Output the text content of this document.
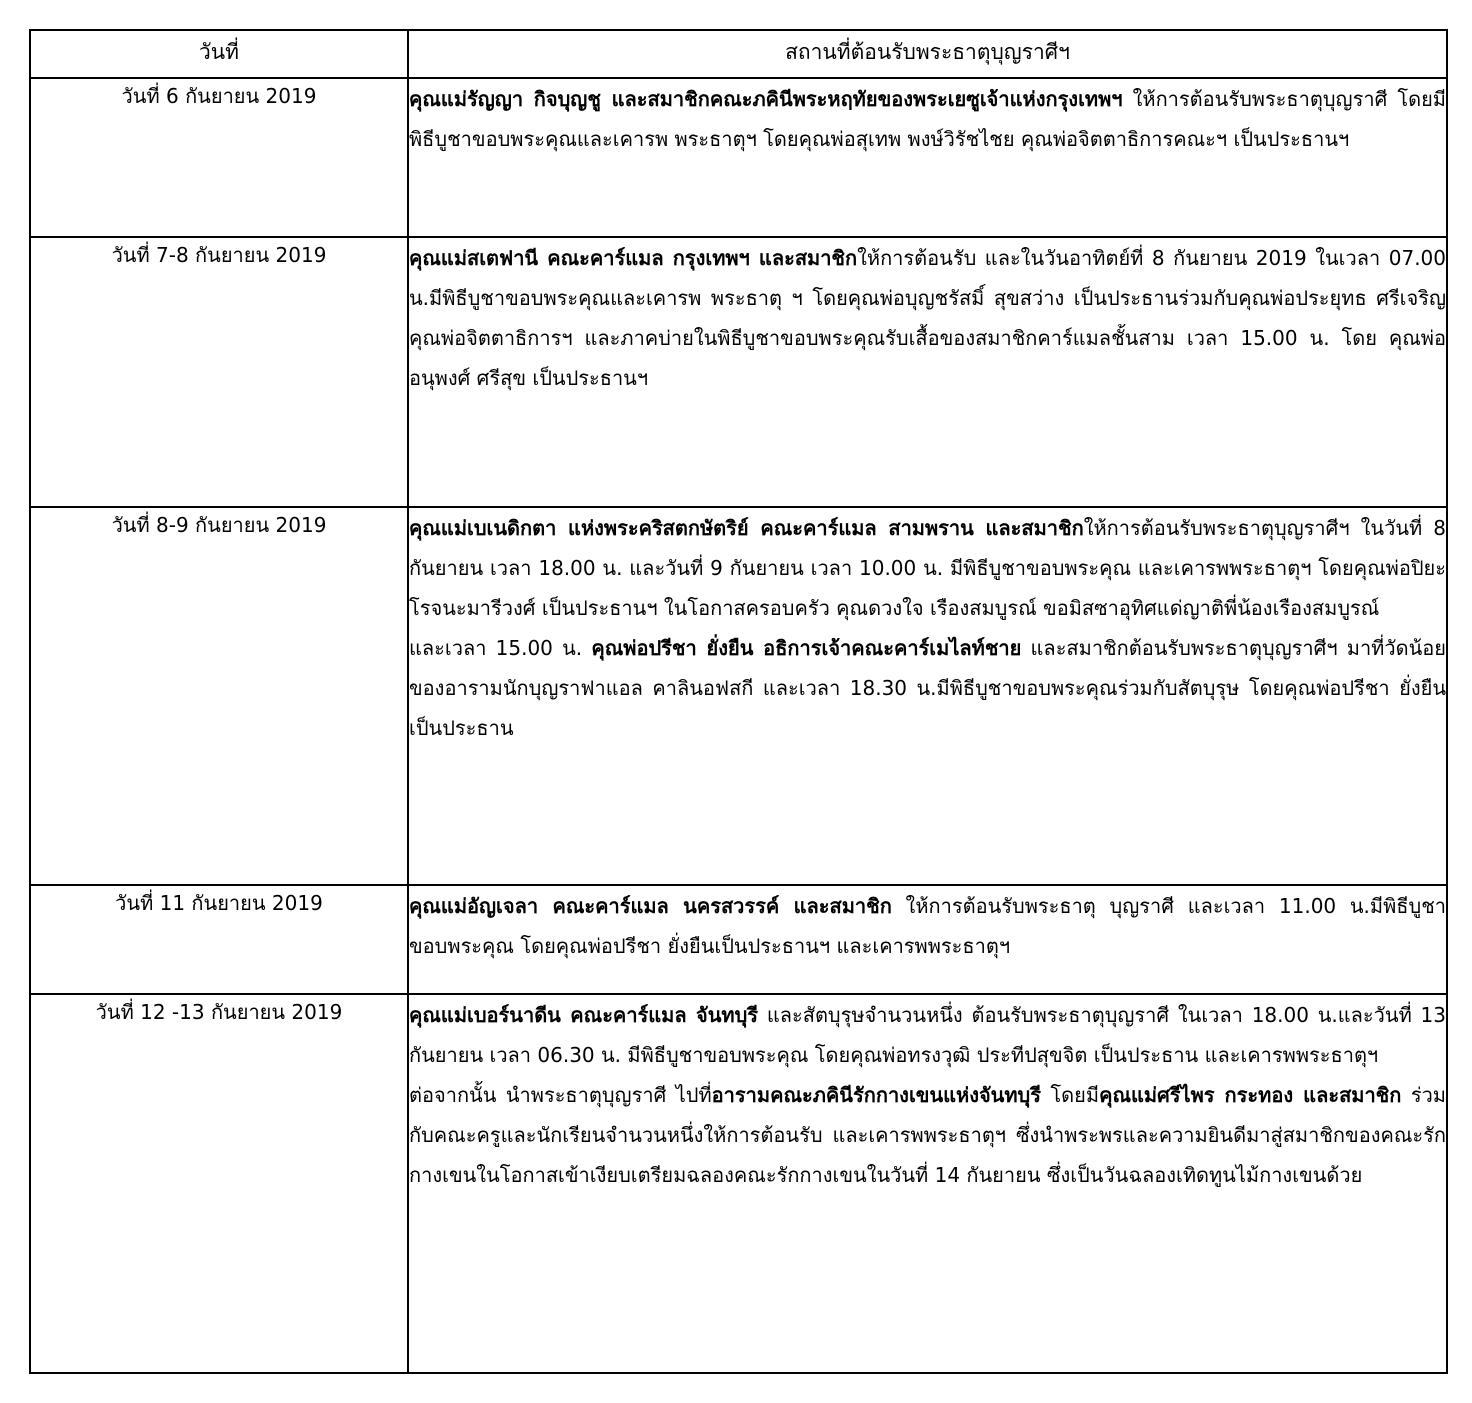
วันที่	สถานที่ต้อนรับพระธาตุบุญราศีฯ
วันที่ 6 กันยายน 2019	คุณแม่รัญญา กิจบุญชู และสมาชิกคณะภคินีพระหฤทัยของพระเยซูเจ้าแห่งกรุงเทพฯ ให้การต้อนรับพระธาตุบุญราศี โดยมีพิธีบูชาขอบพระคุณและเคารพ พระธาตุฯ โดยคุณพ่อสุเทพ พงษ์วิรัชไชย คุณพ่อจิตตาธิการคณะฯ เป็นประธานฯ

วันที่ 7-8 กันยายน 2019	คุณแม่สเตฟานี คณะคาร์แมล กรุงเทพฯ และสมาชิกให้การต้อนรับ และในวันอาทิตย์ที่ 8 กันยายน 2019 ในเวลา 07.00 น.มีพิธีบูชาขอบพระคุณและเคารพ พระธาตุ ฯ โดยคุณพ่อบุญชรัสมิ์ สุขสว่าง เป็นประธานร่วมกับคุณพ่อประยุทธ ศรีเจริญ คุณพ่อจิตตาธิการฯ และภาคบ่ายในพิธีบูชาขอบพระคุณรับเสื้อของสมาชิกคาร์แมลชั้นสาม เวลา 15.00 น. โดย คุณพ่ออนุพงศ์ ศรีสุข เป็นประธานฯ

วันที่ 8-9 กันยายน 2019	คุณแม่เบเนดิกตา แห่งพระคริสตกษัตริย์ คณะคาร์แมล สามพราน และสมาชิกให้การต้อนรับพระธาตุบุญราศีฯ ในวันที่ 8 กันยายน เวลา 18.00 น. และวันที่ 9 กันยายน เวลา 10.00 น. มีพิธีบูชาขอบพระคุณ และเคารพพระธาตุฯ โดยคุณพ่อปิยะ โรจนะมารีวงศ์ เป็นประธานฯ ในโอกาสครอบครัว คุณดวงใจ เรืองสมบูรณ์ ขอมิสซาอุทิศแด่ญาติพี่น้องเรืองสมบูรณ์
และเวลา 15.00 น. คุณพ่อปรีชา ยั่งยืน อธิการเจ้าคณะคาร์เมไลท์ชาย และสมาชิกต้อนรับพระธาตุบุญราศีฯ มาที่วัดน้อยของอารามนักบุญราฟาแอล คาลินอฟสกี และเวลา 18.30 น.มีพิธีบูชาขอบพระคุณร่วมกับสัตบุรุษ โดยคุณพ่อปรีชา ยั่งยืนเป็นประธาน

วันที่ 11 กันยายน 2019	คุณแม่อัญเจลา คณะคาร์แมล นครสวรรค์ และสมาชิก ให้การต้อนรับพระธาตุ บุญราศี และเวลา 11.00 น.มีพิธีบูชาขอบพระคุณ โดยคุณพ่อปรีชา ยั่งยืนเป็นประธานฯ และเคารพพระธาตุฯ

วันที่ 12 -13 กันยายน 2019	คุณแม่เบอร์นาดีน คณะคาร์แมล จันทบุรี และสัตบุรุษจำนวนหนึ่ง ต้อนรับพระธาตุบุญราศี ในเวลา 18.00 น.และวันที่ 13 กันยายน เวลา 06.30 น. มีพิธีบูชาขอบพระคุณ โดยคุณพ่อทรงวุฒิ ประทีปสุขจิต เป็นประธาน และเคารพพระธาตุฯ
ต่อจากนั้น นำพระธาตุบุญราศี ไปที่อารามคณะภคินีรักกางเขนแห่งจันทบุรี โดยมีคุณแม่ศรีไพร กระทอง และสมาชิก ร่วมกับคณะครูและนักเรียนจำนวนหนึ่งให้การต้อนรับ และเคารพพระธาตุฯ ซึ่งนำพระพรและความยินดีมาสู่สมาชิกของคณะรักกางเขนในโอกาสเข้าเงียบเตรียมฉลองคณะรักกางเขนในวันที่ 14 กันยายน ซึ่งเป็นวันฉลองเทิดทูนไม้กางเขนด้วย
